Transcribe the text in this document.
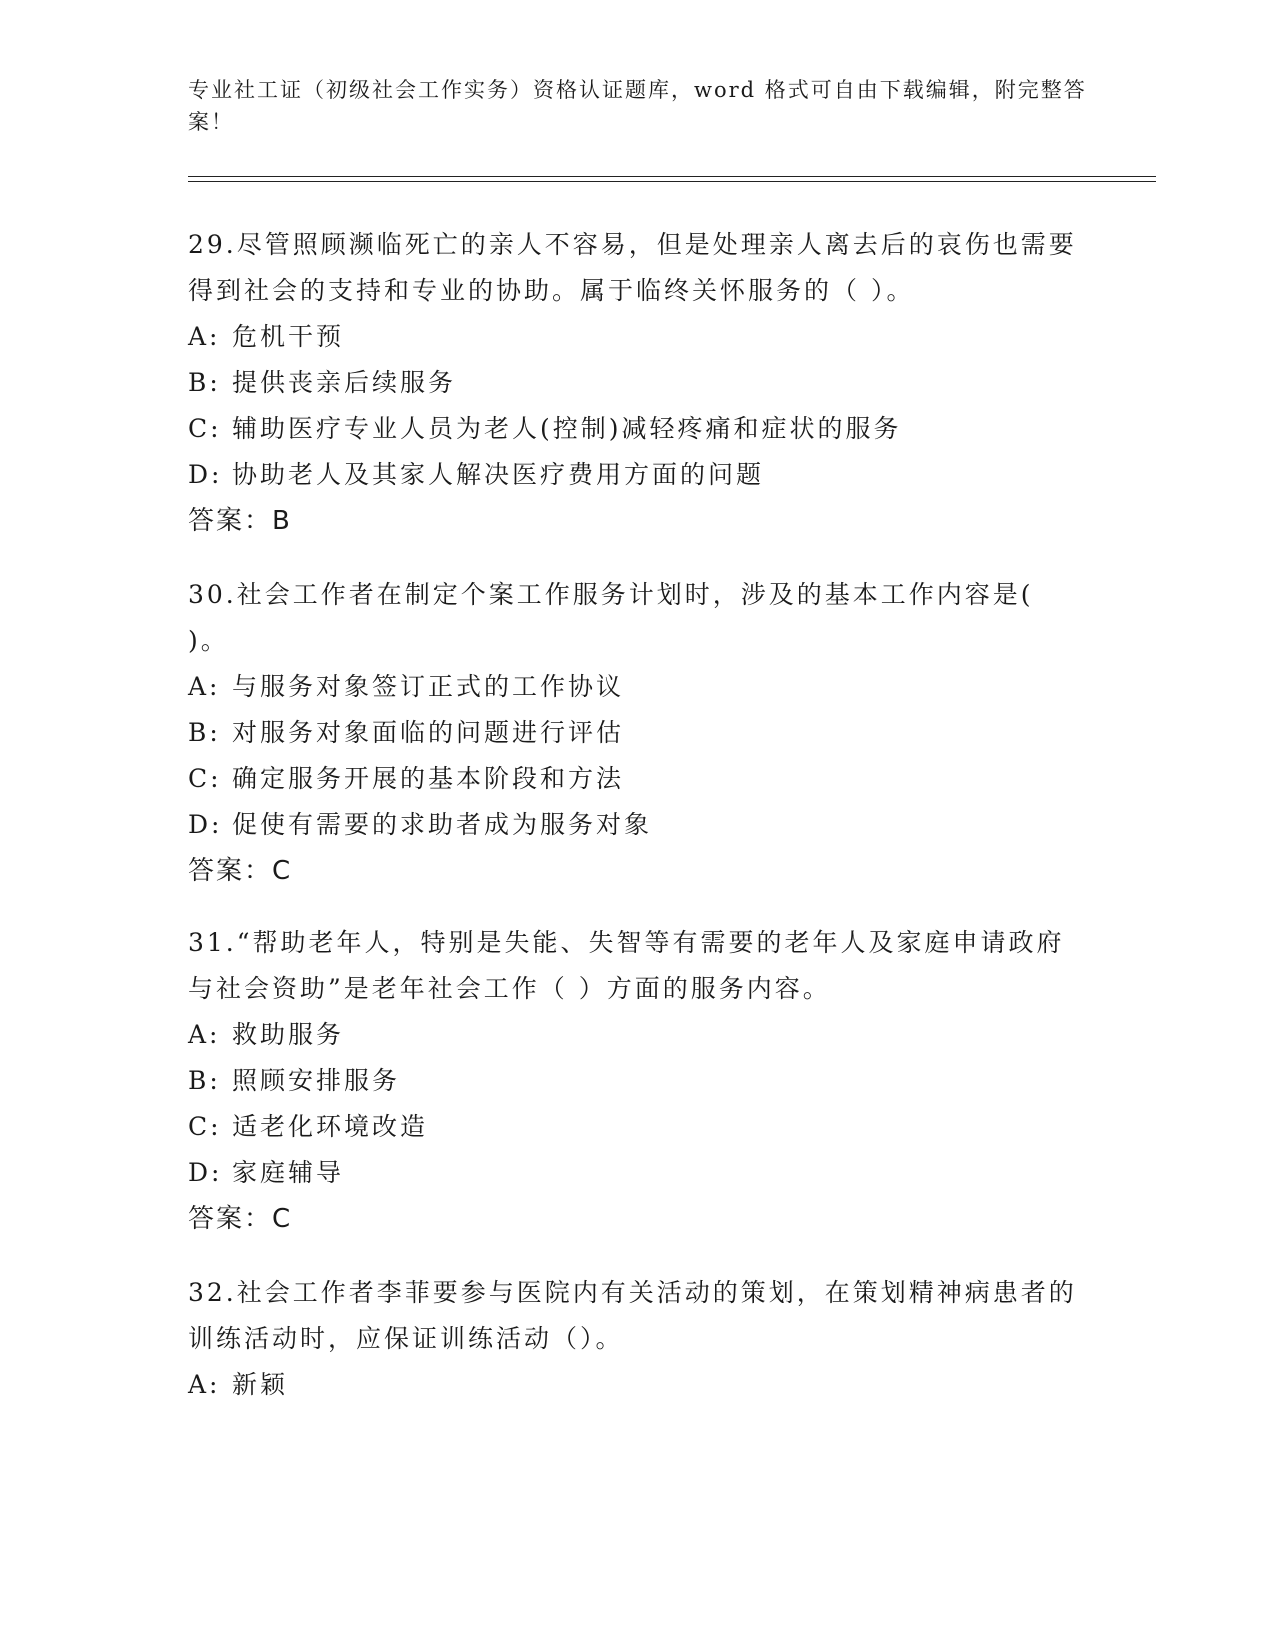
专业社工证（初级社会工作实务）资格认证题库，word 格式可自由下载编辑，附完整答案！

29.尽管照顾濒临死亡的亲人不容易，但是处理亲人离去后的哀伤也需要得到社会的支持和专业的协助。属于临终关怀服务的（ ）。

A: 危机干预

B: 提供丧亲后续服务

C: 辅助医疗专业人员为老人(控制)减轻疼痛和症状的服务

D: 协助老人及其家人解决医疗费用方面的问题

答案：B

30.社会工作者在制定个案工作服务计划时，涉及的基本工作内容是(  )。

A: 与服务对象签订正式的工作协议

B: 对服务对象面临的问题进行评估

C: 确定服务开展的基本阶段和方法

D: 促使有需要的求助者成为服务对象

答案：C

31.“帮助老年人，特别是失能、失智等有需要的老年人及家庭申请政府与社会资助”是老年社会工作（ ）方面的服务内容。

A: 救助服务

B: 照顾安排服务

C: 适老化环境改造

D: 家庭辅导

答案：C

32.社会工作者李菲要参与医院内有关活动的策划，在策划精神病患者的训练活动时，应保证训练活动（）。

A: 新颖
